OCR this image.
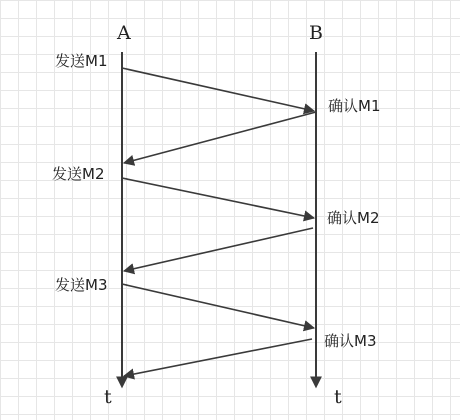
A	B
发送M1
发送M2
发送M3
确认M1
确认M2
确认M3
t	t
